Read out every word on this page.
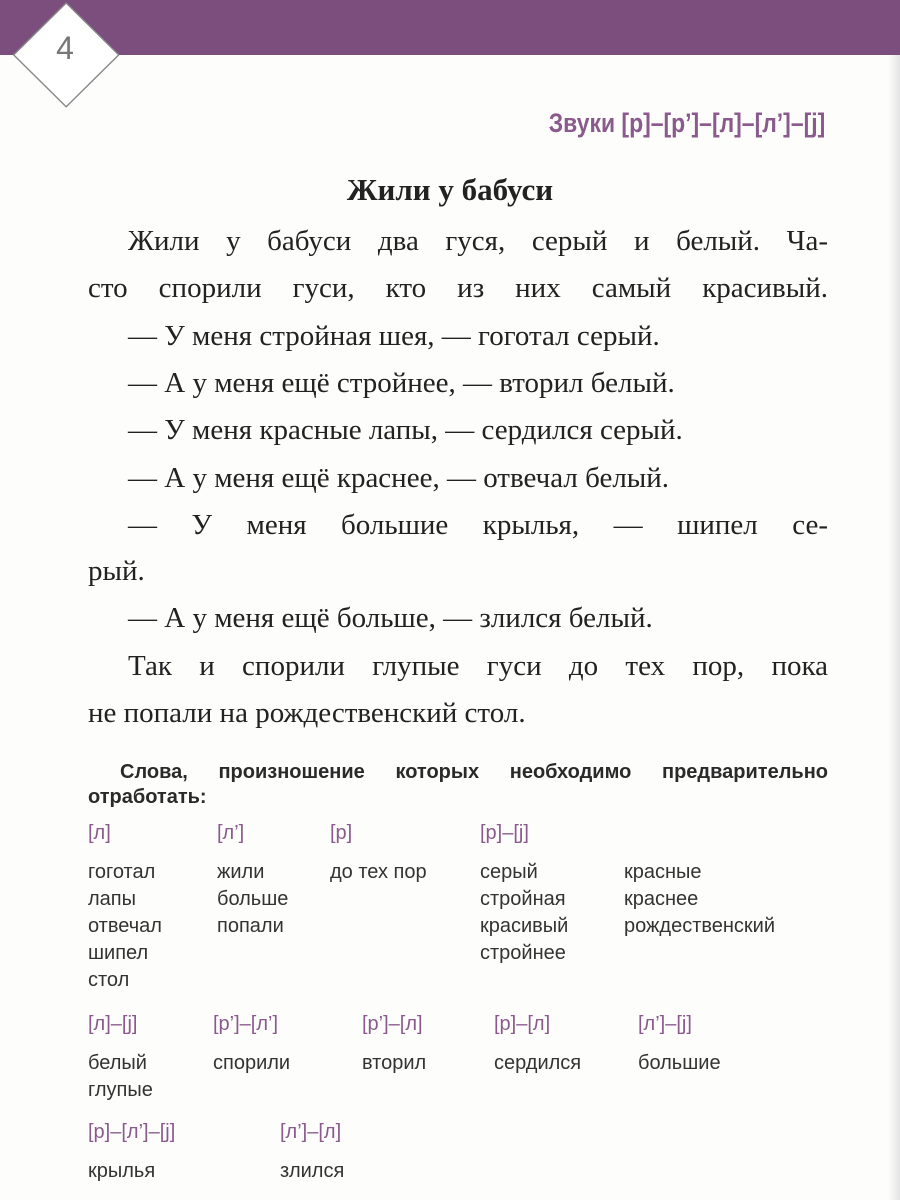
4
Звуки [р]–[р’]–[л]–[л’]–[j]
Жили у бабуси
Жили у бабуси два гуся, серый и белый. Ча-
сто спорили гуси, кто из них самый красивый.
— У меня стройная шея, — гоготал серый.
— А у меня ещё стройнее, — вторил белый.
— У меня красные лапы, — сердился серый.
— А у меня ещё краснее, — отвечал белый.
— У меня большие крылья, — шипел се-
рый.
— А у меня ещё больше, — злился белый.
Так и спорили глупые гуси до тех пор, пока
не попали на рождественский стол.
Слова, произношение которых необходимо предварительно отработать:
[л]
гоготал
лапы
отвечал
шипел
стол
[л’]
жили
больше
попали
[р]
до тех пор
[р]–[j]
серый
стройная
красивый
стройнее
красные
краснее
рождественский
[л]–[j]
белый
глупые
[р’]–[л’]
спорили
[р’]–[л]
вторил
[р]–[л]
сердился
[л’]–[j]
большие
[р]–[л’]–[j]
крылья
[л’]–[л]
злился
